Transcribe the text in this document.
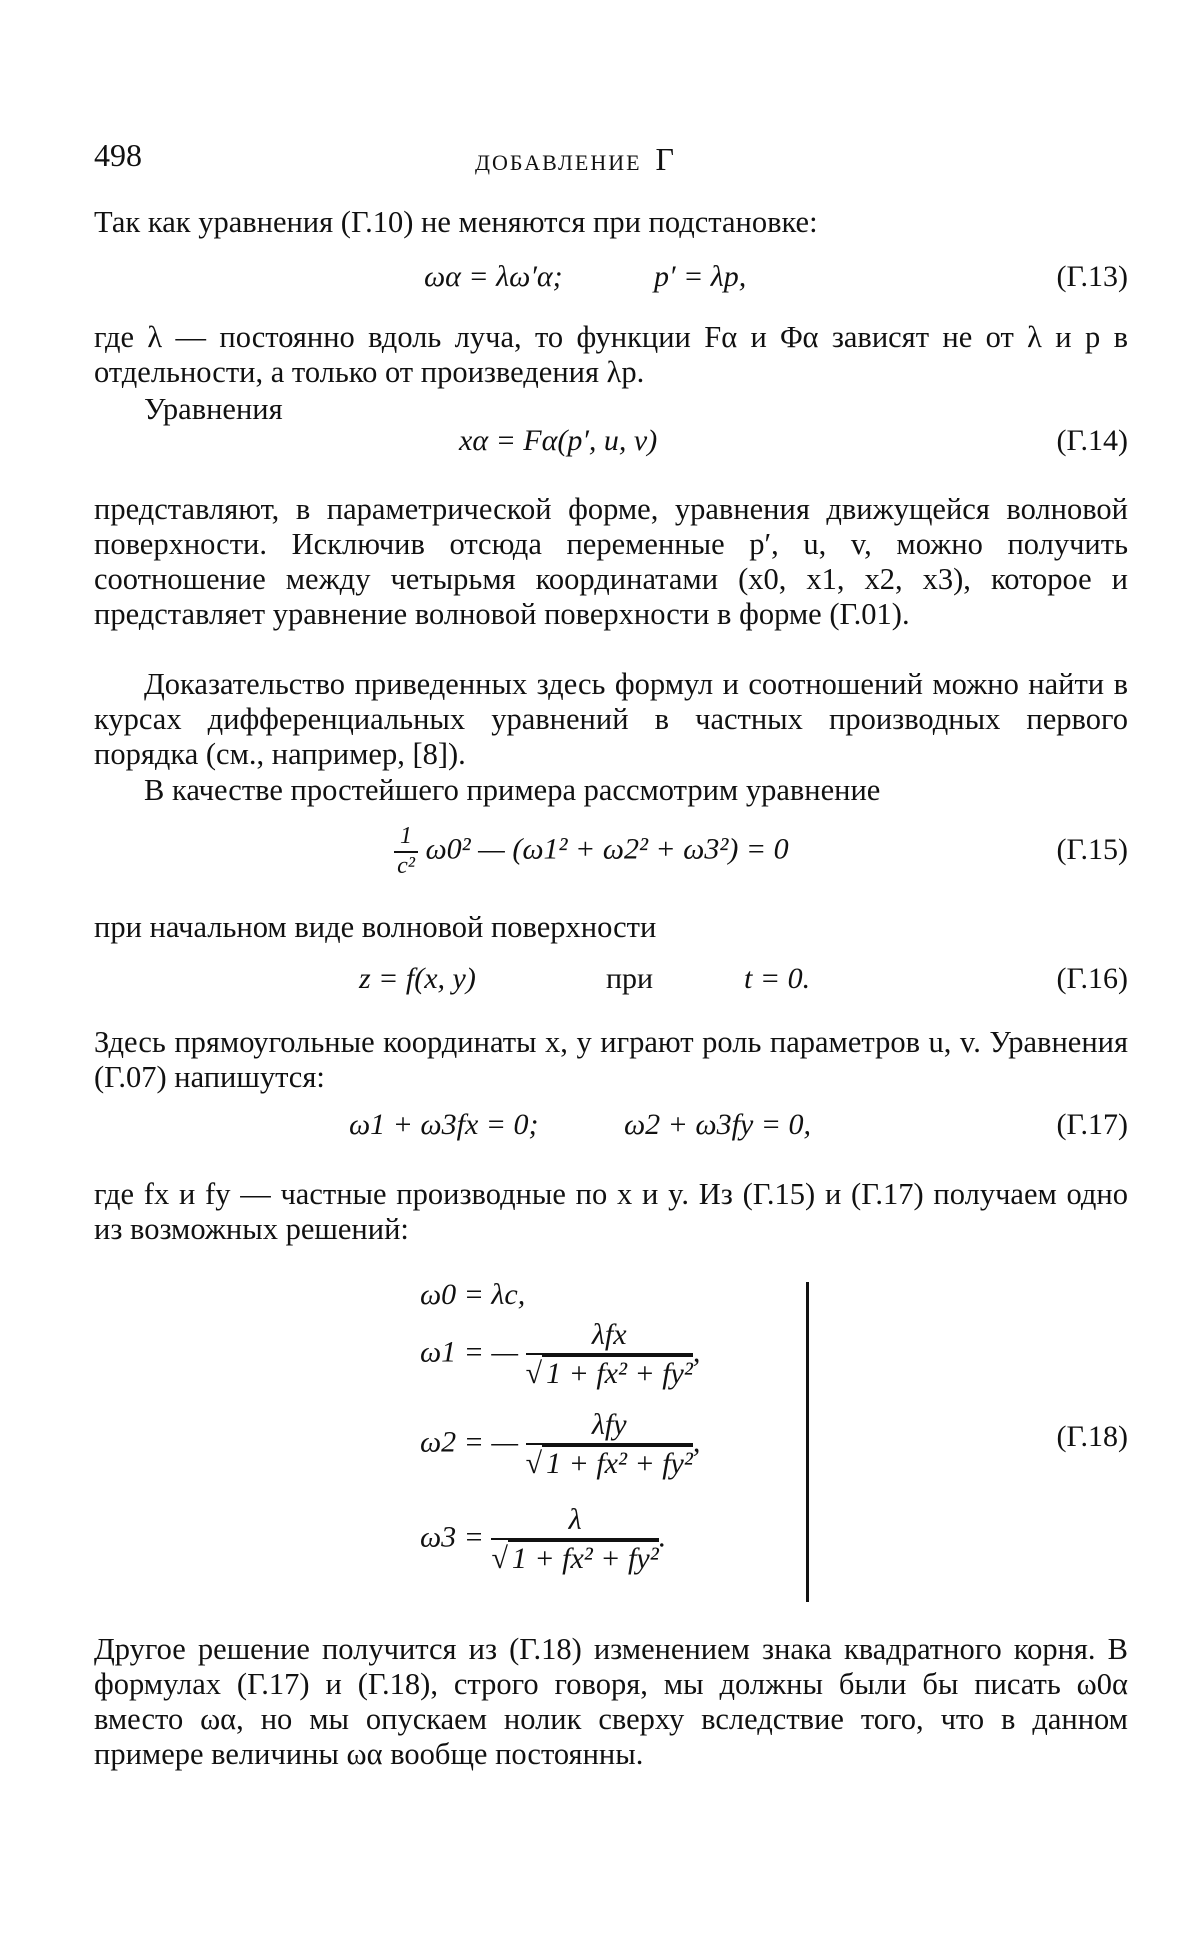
498	ДОБАВЛЕНИЕ Г
Так как уравнения (Г.10) не меняются при подстановке:
ωα = λω′α;	p′ = λp,	(Г.13)
где λ — постоянно вдоль луча, то функции Fα и Φα зависят не от λ и p в отдельности, а только от произведения λp.
Уравнения
xα = Fα(p′, u, v)	(Г.14)
представляют, в параметрической форме, уравнения движущейся волновой поверхности. Исключив отсюда переменные p′, u, v, можно получить соотношение между четырьмя координатами (x0, x1, x2, x3), которое и представляет уравнение волновой поверхности в форме (Г.01).
Доказательство приведенных здесь формул и соотношений можно найти в курсах дифференциальных уравнений в частных производных первого порядка (см., например, [8]).
В качестве простейшего примера рассмотрим уравнение
$\frac{1}{\text{c²}} \omega 0^2$ — (ω1² + ω2² + ω3²) = 0	(Г.15)
при начальном виде волновой поверхности
z = f(x, y)	при	t = 0.	(Г.16)
Здесь прямоугольные координаты x, y играют роль параметров u, v. Уравнения (Г.07) напишутся:
ω1 + ω3fx = 0;	ω2 + ω3fy = 0,	(Г.17)
где fx и fy — частные производные по x и y. Из (Г.15) и (Г.17) получаем одно из возможных решений:
ω0 = λc,
ω1 = — $\frac{\text{λfx}}{\text{√ 1 + fx² + fy²}}$ ,
ω2 = — $\frac{\text{λfy}}{\text{√ 1 + fx² + fy²}}$ ,
$\omega 3 = \frac{\lambda}{\text{√ 1 + fx² + fy²}}$ .
(Г.18)
Другое решение получится из (Г.18) изменением знака квадратного корня. В формулах (Г.17) и (Г.18), строго говоря, мы должны были бы писать ω0α вместо ωα, но мы опускаем нолик сверху вследствие того, что в данном примере величины ωα вообще постоянны.
